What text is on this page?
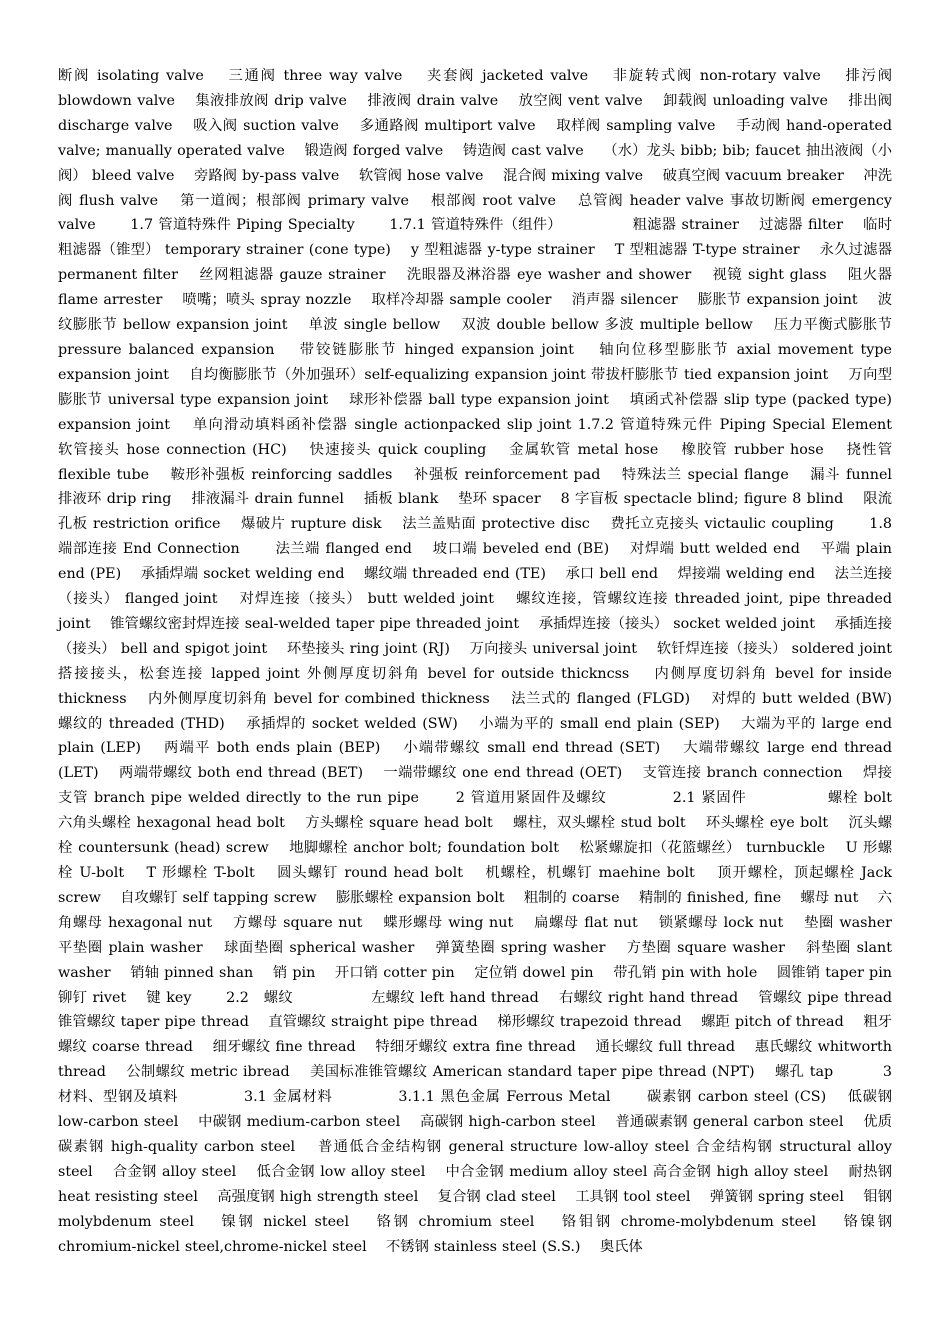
断阀 isolating valve　 三通阀 three way valve　 夹套阀 jacketed valve　 非旋转式阀 non-rotary valve　 排污阀 blowdown valve　 集液排放阀 drip valve　 排液阀 drain valve　 放空阀 vent valve　 卸载阀 unloading valve　 排出阀 discharge valve　 吸入阀 suction valve　 多通路阀 multiport valve　 取样阀 sampling valve　 手动阀 hand-operated valve; manually operated valve　 锻造阀 forged valve　 铸造阀 cast valve　 （水）龙头 bibb; bib; faucet 抽出液阀（小阀） bleed valve　 旁路阀 by-pass valve　 软管阀 hose valve　 混合阀 mixing valve　 破真空阀 vacuum breaker　 冲洗阀 flush valve　 第一道阀；根部阀 primary valve　 根部阀 root valve　 总管阀 header valve 事故切断阀 emergency valve　　 1.7 管道特殊件 Piping Specialty　　 1.7.1 管道特殊件（组件）　　　　　 粗滤器 strainer　 过滤器 filter　 临时粗滤器（锥型） temporary strainer (cone type)　 y 型粗滤器 y-type strainer　 T 型粗滤器 T-type strainer　 永久过滤器 permanent filter　 丝网粗滤器 gauze strainer　 洗眼器及淋浴器 eye washer and shower　 视镜 sight glass　 阻火器 flame arrester　 喷嘴；喷头 spray nozzle　 取样冷却器 sample cooler　 消声器 silencer　 膨胀节 expansion joint　 波纹膨胀节 bellow expansion joint　 单波 single bellow　 双波 double bellow 多波 multiple bellow　 压力平衡式膨胀节 pressure balanced expansion　 带铰链膨胀节 hinged expansion joint　 轴向位移型膨胀节 axial movement type expansion joint　 自均衡膨胀节（外加强环）self-equalizing expansion joint 带拔杆膨胀节 tied expansion joint　 万向型膨胀节 universal type expansion joint　 球形补偿器 ball type expansion joint　 填函式补偿器 slip type (packed type) expansion joint　 单向滑动填料函补偿器 single actionpacked slip joint 1.7.2 管道特殊元件 Piping Special Element　　 软管接头 hose connection (HC)　 快速接头 quick coupling　 金属软管 metal hose　 橡胶管 rubber hose　 挠性管 flexible tube　 鞍形补强板 reinforcing saddles　 补强板 reinforcement pad　 特殊法兰 special flange　 漏斗 funnel　 排液环 drip ring　 排液漏斗 drain funnel　 插板 blank　 垫环 spacer　 8 字盲板 spectacle blind; figure 8 blind　 限流孔板 restriction orifice　 爆破片 rupture disk　 法兰盖贴面 protective disc　 费托立克接头 victaulic coupling　　 1.8 端部连接 End Connection　　 法兰端 flanged end　 坡口端 beveled end (BE)　 对焊端 butt welded end　 平端 plain end (PE)　 承插焊端 socket welding end　 螺纹端 threaded end (TE)　 承口 bell end　 焊接端 welding end　 法兰连接（接头） flanged joint　 对焊连接（接头） butt welded joint　 螺纹连接，管螺纹连接 threaded joint, pipe threaded joint　 锥管螺纹密封焊连接 seal-welded taper pipe threaded joint　 承插焊连接（接头） socket welded joint　 承插连接（接头） bell and spigot joint　 环垫接头 ring joint (RJ)　 万向接头 universal joint　 软钎焊连接（接头） soldered joint　 搭接接头，松套连接 lapped joint 外侧厚度切斜角 bevel for outside thickncss　 内侧厚度切斜角 bevel for inside thickness　 内外侧厚度切斜角 bevel for combined thickness　 法兰式的 flanged (FLGD)　 对焊的 butt welded (BW)　 螺纹的 threaded (THD)　 承插焊的 socket welded (SW)　 小端为平的 small end plain (SEP)　 大端为平的 large end plain (LEP)　 两端平 both ends plain (BEP)　 小端带螺纹 small end thread (SET)　 大端带螺纹 large end thread (LET)　 两端带螺纹 both end thread (BET)　 一端带螺纹 one end thread (OET)　 支管连接 branch connection　 焊接支管 branch pipe welded directly to the run pipe　　 2 管道用紧固件及螺纹　　　　 2.1 紧固件　　　　　 螺栓 bolt　 六角头螺栓 hexagonal head bolt　 方头螺栓 square head bolt　 螺柱，双头螺栓 stud bolt　 环头螺栓 eye bolt　 沉头螺栓 countersunk (head) screw　 地脚螺栓 anchor bolt; foundation bolt　 松紧螺旋扣（花篮螺丝） turnbuckle　 U 形螺栓 U-bolt　 T 形螺栓 T-bolt　 圆头螺钉 round head bolt　 机螺栓，机螺钉 maehine bolt　 顶开螺栓，顶起螺栓 Jack screw　 自攻螺钉 self tapping screw　 膨胀螺栓 expansion bolt　 粗制的 coarse　 精制的 finished, fine　 螺母 nut　 六角螺母 hexagonal nut　 方螺母 square nut　 蝶形螺母 wing nut　 扁螺母 flat nut　 锁紧螺母 lock nut　 垫圈 washer　 平垫圈 plain washer　 球面垫圈 spherical washer　 弹簧垫圈 spring washer　 方垫圈 square washer　 斜垫圈 slant washer　 销轴 pinned shan　 销 pin　 开口销 cotter pin　 定位销 dowel pin　 带孔销 pin with hole　 圆锥销 taper pin　 铆钉 rivet　 键 key　　 2.2　螺纹　　　　　 左螺纹 left hand thread　 右螺纹 right hand thread　 管螺纹 pipe thread　 锥管螺纹 taper pipe thread　 直管螺纹 straight pipe thread　 梯形螺纹 trapezoid thread　 螺距 pitch of thread　 粗牙螺纹 coarse thread　 细牙螺纹 fine thread　 特细牙螺纹 extra fine thread　 通长螺纹 full thread　 惠氏螺纹 whitworth thread　 公制螺纹 metric ibread　 美国标准锥管螺纹 American standard taper pipe thread (NPT)　 螺孔 tap　　　 3 材料、型钢及填料　　　　 3.1 金属材料　　　　 3.1.1 黑色金属 Ferrous Metal　　 碳素钢 carbon steel (CS)　 低碳钢 low-carbon steel　 中碳钢 medium-carbon steel　 高碳钢 high-carbon steel　 普通碳素钢 general carbon steel　 优质碳素钢 high-quality carbon steel　 普通低合金结构钢 general structure low-alloy steel 合金结构钢 structural alloy steel　 合金钢 alloy steel　 低合金钢 low alloy steel　 中合金钢 medium alloy steel 高合金钢 high alloy steel　 耐热钢 heat resisting steel　 高强度钢 high strength steel　 复合钢 clad steel　 工具钢 tool steel　 弹簧钢 spring steel　 钼钢 molybdenum steel　 镍钢 nickel steel　 铬钢 chromium steel　 铬钼钢 chrome-molybdenum steel　 铬镍钢 chromium-nickel steel,chrome-nickel steel　 不锈钢 stainless steel (S.S.)　 奥氏体
